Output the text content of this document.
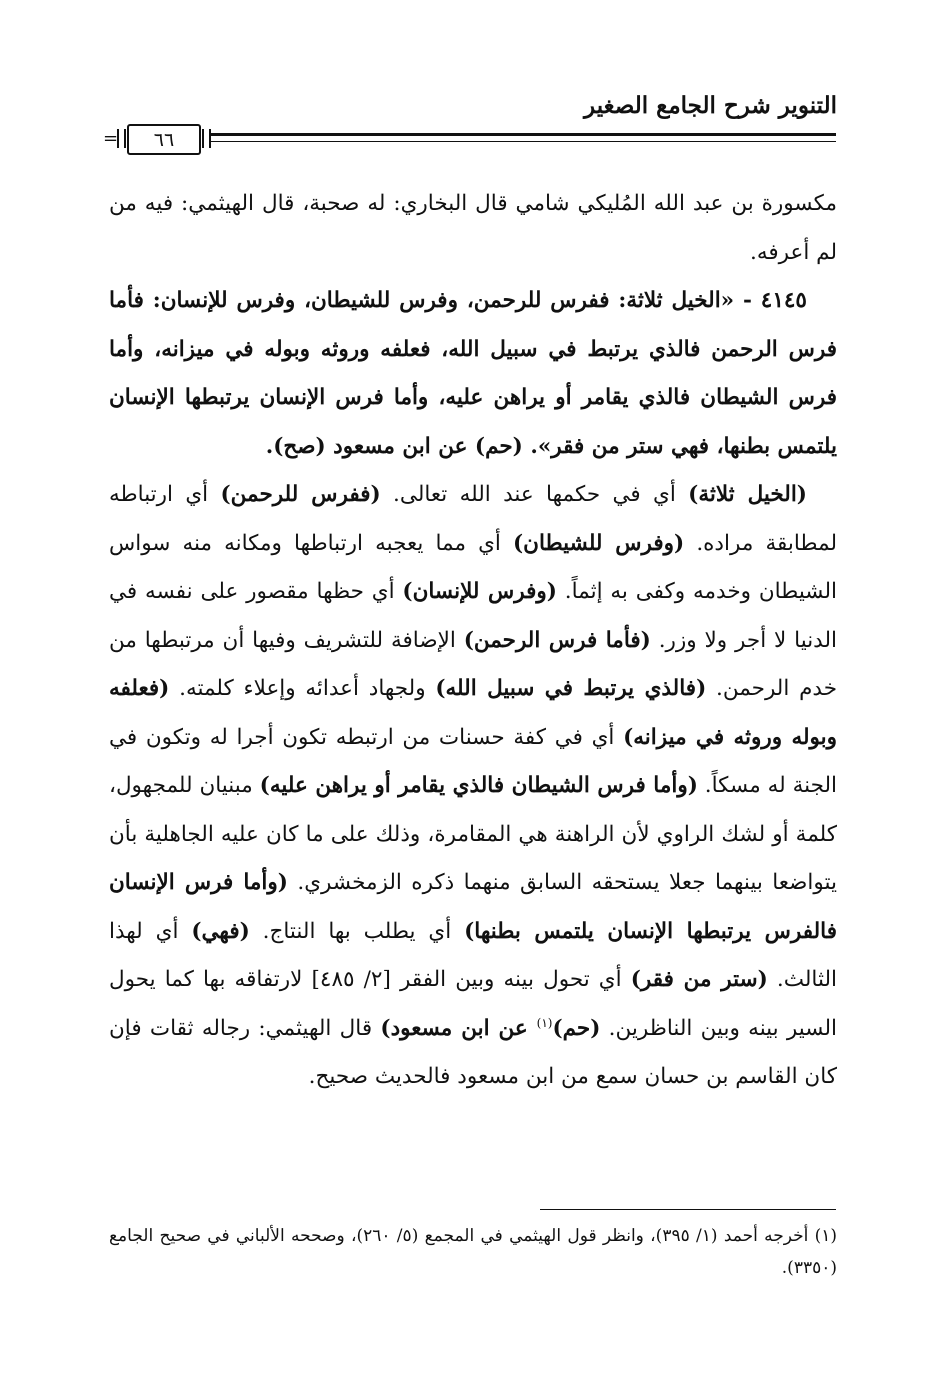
التنوير شرح الجامع الصغير
= ٦٦

مكسورة بن عبد الله المُليكي شامي قال البخاري: له صحبة، قال الهيثمي: فيه من لم أعرفه.

٤١٤٥ - «الخيل ثلاثة: ففرس للرحمن، وفرس للشيطان، وفرس للإنسان: فأما فرس الرحمن فالذي يرتبط في سبيل الله، فعلفه وروثه وبوله في ميزانه، وأما فرس الشيطان فالذي يقامر أو يراهن عليه، وأما فرس الإنسان يرتبطها الإنسان يلتمس بطنها، فهي ستر من فقر». (حم) عن ابن مسعود (صح).

(الخيل ثلاثة) أي في حكمها عند الله تعالى. (ففرس للرحمن) أي ارتباطه لمطابقة مراده. (وفرس للشيطان) أي مما يعجبه ارتباطها ومكانه منه سواس الشيطان وخدمه وكفى به إثماً. (وفرس للإنسان) أي حظها مقصور على نفسه في الدنيا لا أجر ولا وزر. (فأما فرس الرحمن) الإضافة للتشريف وفيها أن مرتبطها من خدم الرحمن. (فالذي يرتبط في سبيل الله) ولجهاد أعدائه وإعلاء كلمته. (فعلفه وبوله وروثه في ميزانه) أي في كفة حسنات من ارتبطه تكون أجرا له وتكون في الجنة له مسكاً. (وأما فرس الشيطان فالذي يقامر أو يراهن عليه) مبنيان للمجهول، كلمة أو لشك الراوي لأن الراهنة هي المقامرة، وذلك على ما كان عليه الجاهلية بأن يتواضعا بينهما جعلا يستحقه السابق منهما ذكره الزمخشري. (وأما فرس الإنسان فالفرس يرتبطها الإنسان يلتمس بطنها) أي يطلب بها النتاج. (فهي) أي لهذا الثالث. (ستر من فقر) أي تحول بينه وبين الفقر [٢/ ٤٨٥] لارتفاقه بها كما يحول السير بينه وبين الناظرين. (حم)$^{(١)}$ عن ابن مسعود) قال الهيثمي: رجاله ثقات فإن كان القاسم بن حسان سمع من ابن مسعود فالحديث صحيح.

(١) أخرجه أحمد (١/ ٣٩٥)، وانظر قول الهيثمي في المجمع (٥/ ٢٦٠)، وصححه الألباني في صحيح الجامع (٣٣٥٠).
